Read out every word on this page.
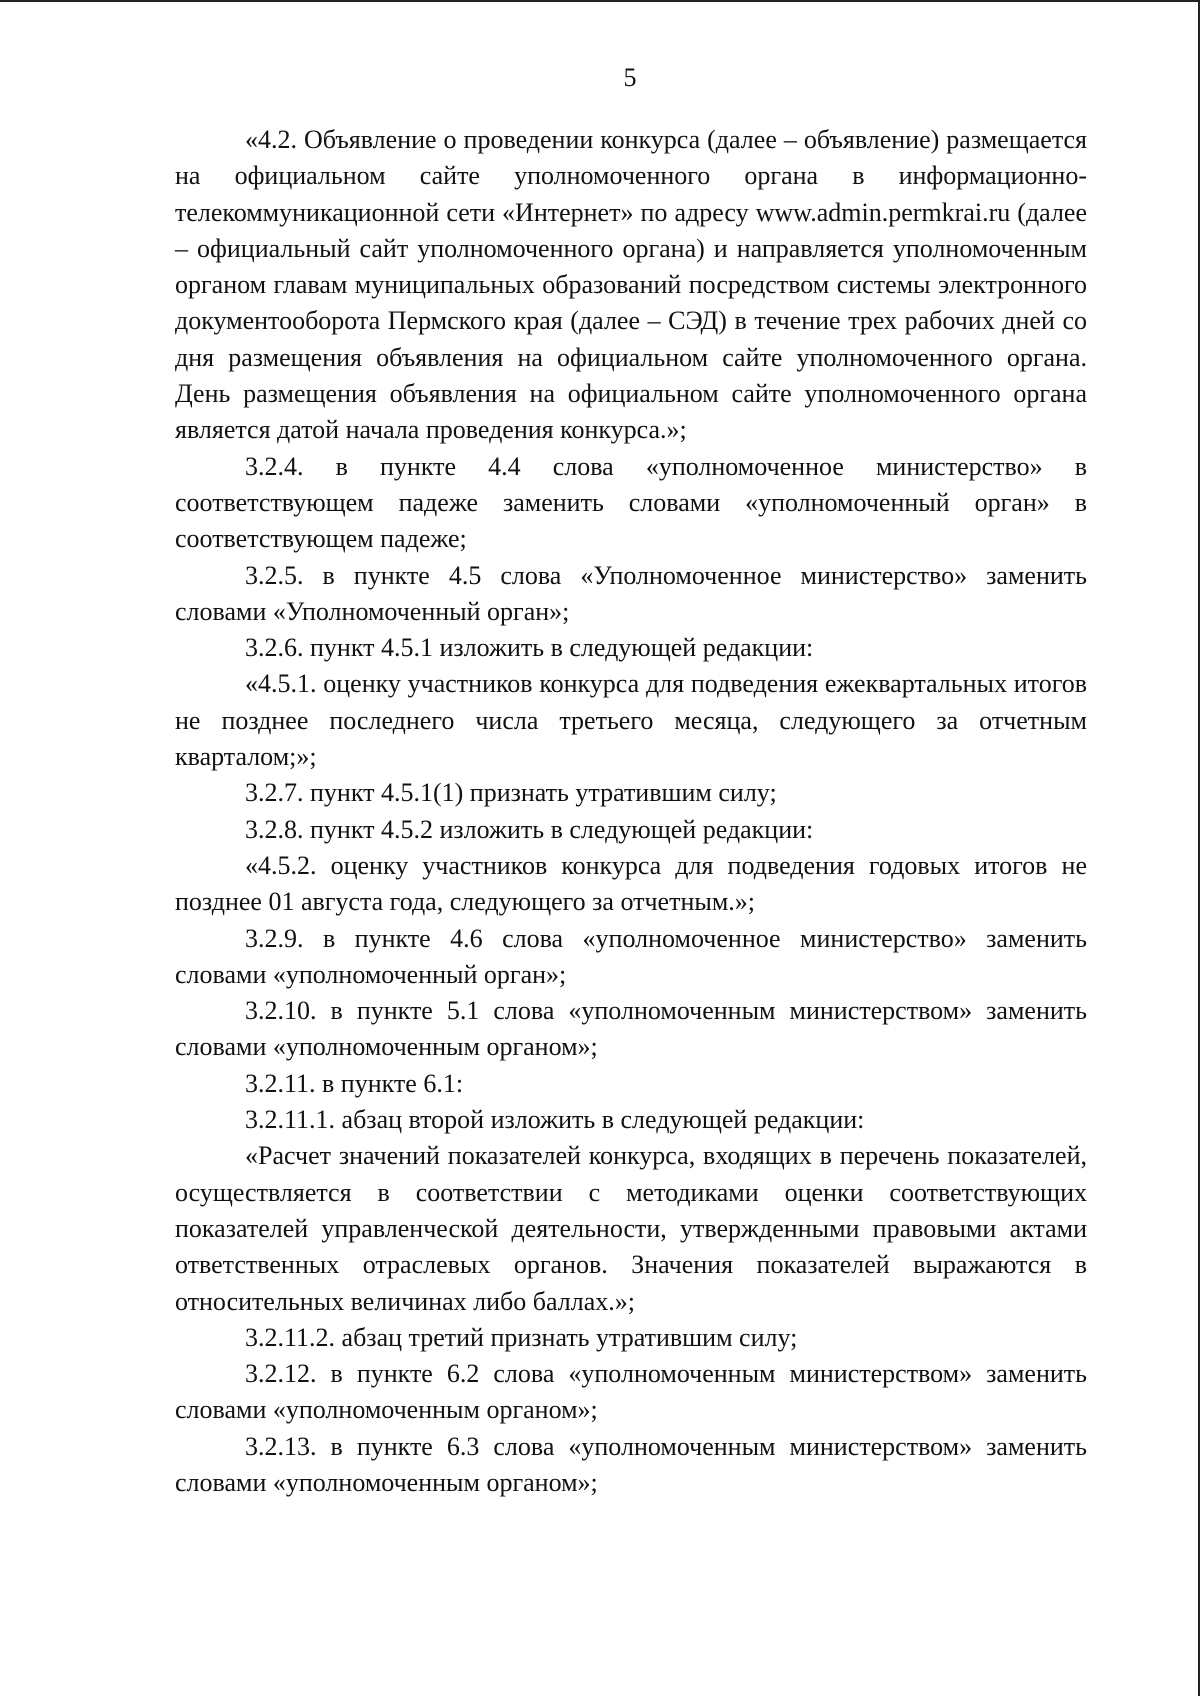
5

«4.2. Объявление о проведении конкурса (далее – объявление) размещается на официальном сайте уполномоченного органа в информационно-телекоммуникационной сети «Интернет» по адресу www.admin.permkrai.ru (далее – официальный сайт уполномоченного органа) и направляется уполномоченным органом главам муниципальных образований посредством системы электронного документооборота Пермского края (далее – СЭД) в течение трех рабочих дней со дня размещения объявления на официальном сайте уполномоченного органа. День размещения объявления на официальном сайте уполномоченного органа является датой начала проведения конкурса.»;

3.2.4. в пункте 4.4 слова «уполномоченное министерство» в соответствующем падеже заменить словами «уполномоченный орган» в соответствующем падеже;

3.2.5. в пункте 4.5 слова «Уполномоченное министерство» заменить словами «Уполномоченный орган»;

3.2.6. пункт 4.5.1 изложить в следующей редакции:

«4.5.1. оценку участников конкурса для подведения ежеквартальных итогов не позднее последнего числа третьего месяца, следующего за отчетным кварталом;»;

3.2.7. пункт 4.5.1(1) признать утратившим силу;

3.2.8. пункт 4.5.2 изложить в следующей редакции:

«4.5.2. оценку участников конкурса для подведения годовых итогов не позднее 01 августа года, следующего за отчетным.»;

3.2.9. в пункте 4.6 слова «уполномоченное министерство» заменить словами «уполномоченный орган»;

3.2.10. в пункте 5.1 слова «уполномоченным министерством» заменить словами «уполномоченным органом»;

3.2.11. в пункте 6.1:

3.2.11.1. абзац второй изложить в следующей редакции:

«Расчет значений показателей конкурса, входящих в перечень показателей, осуществляется в соответствии с методиками оценки соответствующих показателей управленческой деятельности, утвержденными правовыми актами ответственных отраслевых органов. Значения показателей выражаются в относительных величинах либо баллах.»;

3.2.11.2. абзац третий признать утратившим силу;

3.2.12. в пункте 6.2 слова «уполномоченным министерством» заменить словами «уполномоченным органом»;

3.2.13. в пункте 6.3 слова «уполномоченным министерством» заменить словами «уполномоченным органом»;
